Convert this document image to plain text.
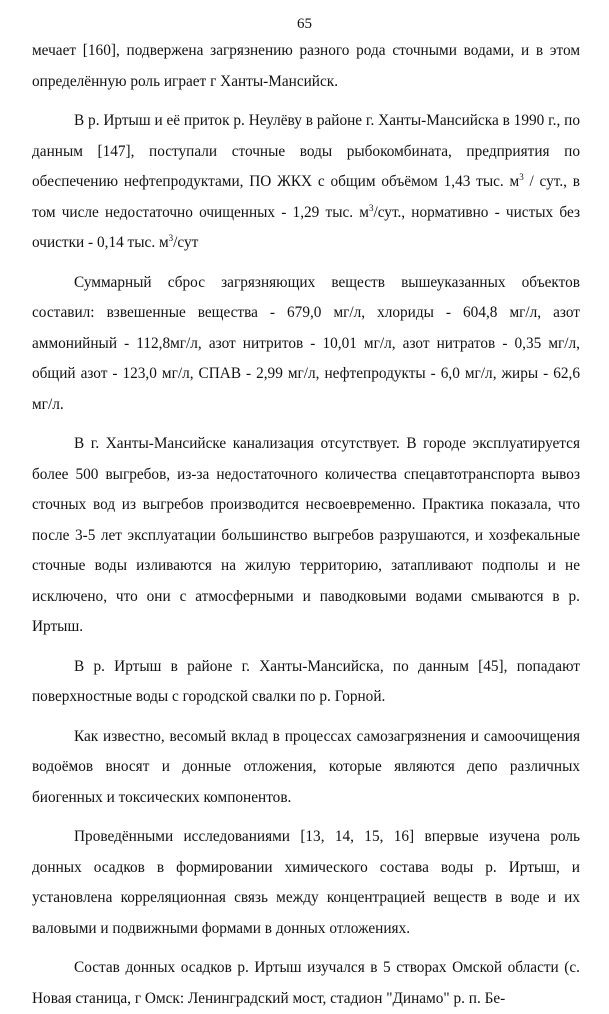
65

мечает [160], подвержена загрязнению разного рода сточными водами, и в этом определённую роль играет г Ханты-Мансийск.

В р. Иртыш и её приток р. Неулёву в районе г. Ханты-Мансийска в 1990 г., по данным [147], поступали сточные воды рыбокомбината, предприятия по обеспечению нефтепродуктами, ПО ЖКХ с общим объёмом 1,43 тыс. $м^3$ / сут., в том числе недостаточно очищенных - 1,29 тыс. $м^3$/сут., нормативно - чистых без очистки - 0,14 тыс. $м^3$/сут

Суммарный сброс загрязняющих веществ вышеуказанных объектов составил: взвешенные вещества - 679,0 мг/л, хлориды - 604,8 мг/л, азот аммонийный - 112,8мг/л, азот нитритов - 10,01 мг/л, азот нитратов - 0,35 мг/л, общий азот - 123,0 мг/л, СПАВ - 2,99 мг/л, нефтепродукты - 6,0 мг/л, жиры - 62,6 мг/л.

В г. Ханты-Мансийске канализация отсутствует. В городе эксплуатируется более 500 выгребов, из-за недостаточного количества спецавтотранспорта вывоз сточных вод из выгребов производится несвоевременно. Практика показала, что после 3-5 лет эксплуатации большинство выгребов разрушаются, и хозфекальные сточные воды изливаются на жилую территорию, затапливают подполы и не исключено, что они с атмосферными и паводковыми водами смываются в р. Иртыш.

В р. Иртыш в районе г. Ханты-Мансийска, по данным [45], попадают поверхностные воды с городской свалки по р. Горной.

Как известно, весомый вклад в процессах самозагрязнения и самоочищения водоёмов вносят и донные отложения, которые являются депо различных биогенных и токсических компонентов.

Проведёнными исследованиями [13, 14, 15, 16] впервые изучена роль донных осадков в формировании химического состава воды р. Иртыш, и установлена корреляционная связь между концентрацией веществ в воде и их валовыми и подвижными формами в донных отложениях.

Состав донных осадков р. Иртыш изучался в 5 створах Омской области (с. Новая станица, г Омск: Ленинградский мост, стадион "Динамо" р. п. Бе-
